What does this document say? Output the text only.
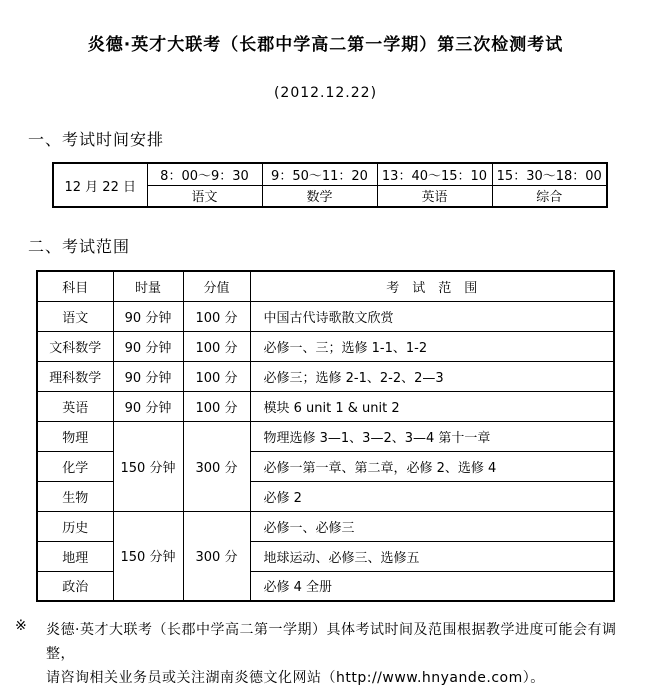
炎德·英才大联考（长郡中学高二第一学期）第三次检测考试
(2012.12.22)
一、考试时间安排
12 月 22 日	8：00～9：30	9：50～11：20	13：40～15：10	15：30～18：00
	语文	数学	英语	综合
二、考试范围
科目	时量	分值	考　试　范　围
语文	90 分钟	100 分	中国古代诗歌散文欣赏
文科数学	90 分钟	100 分	必修一、三；选修 1-1、1-2
理科数学	90 分钟	100 分	必修三；选修 2-1、2-2、2—3
英语	90 分钟	100 分	模块 6 unit 1 & unit 2
物理	150 分钟	300 分	物理选修 3—1、3—2、3—4 第十一章
化学			必修一第一章、第二章，必修 2、选修 4
生物			必修 2
历史	150 分钟	300 分	必修一、必修三
地理			地球运动、必修三、选修五
政治			必修 4 全册
※	炎德·英才大联考（长郡中学高二第一学期）具体考试时间及范围根据教学进度可能会有调整，
请咨询相关业务员或关注湖南炎德文化网站（http://www.hnyande.com）。
